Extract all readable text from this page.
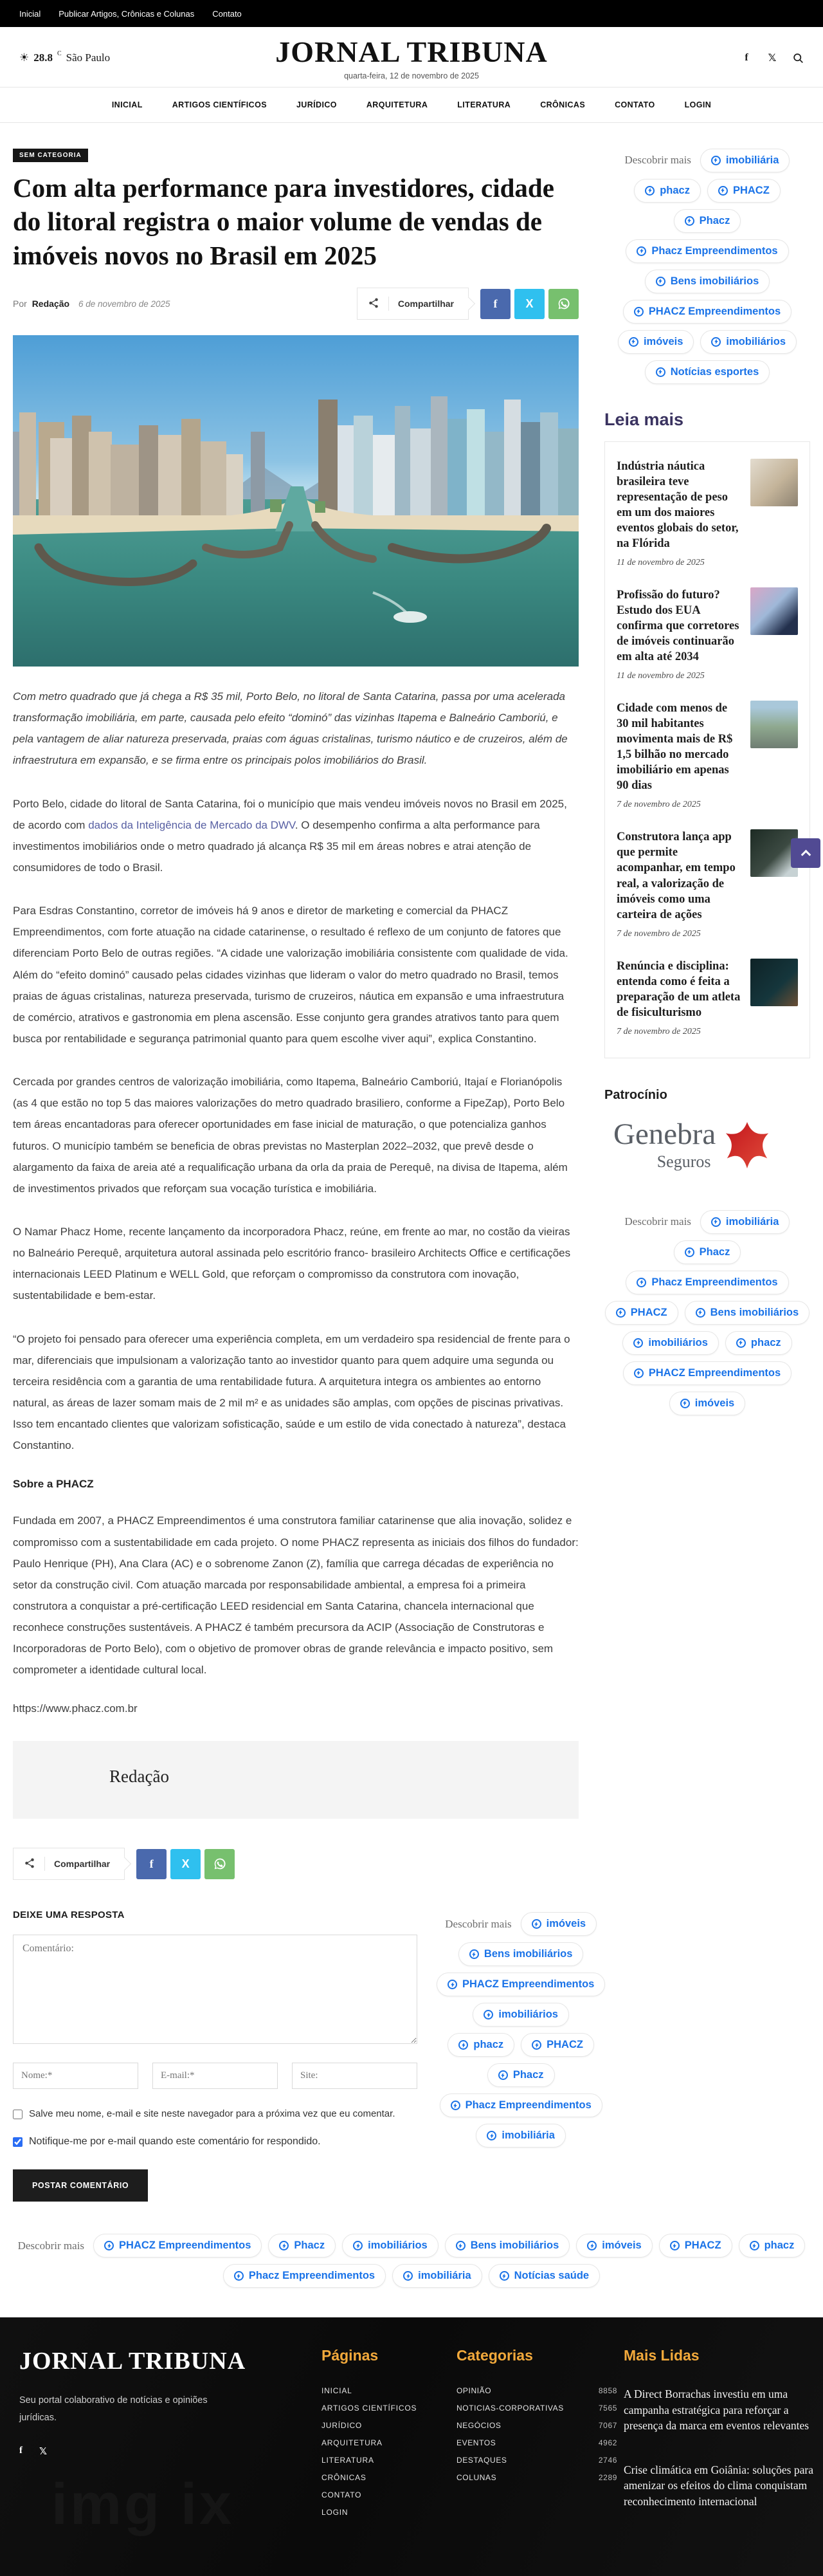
Inicial Publicar Artigos, Crônicas e Colunas Contato
☀ 28.8 C São Paulo	JORNAL TRIBUNA
quarta-feira, 12 de novembro de 2025
f	𝕏
INICIAL	ARTIGOS CIENTÍFICOS	JURÍDICO	ARQUITETURA	LITERATURA	CRÔNICAS	CONTATO	LOGIN
SEM CATEGORIA
Com alta performance para investidores, cidade do litoral registra o maior volume de vendas de imóveis novos no Brasil em 2025
Por Redação 6 de novembro de 2025	Compartilhar	f	X

Com metro quadrado que já chega a R$ 35 mil, Porto Belo, no litoral de Santa Catarina, passa por uma acelerada transformação imobiliária, em parte, causada pelo efeito “dominó” das vizinhas Itapema e Balneário Camboriú, e pela vantagem de aliar natureza preservada, praias com águas cristalinas, turismo náutico e de cruzeiros, além de infraestrutura em expansão, e se firma entre os principais polos imobiliários do Brasil.

Porto Belo, cidade do litoral de Santa Catarina, foi o município que mais vendeu imóveis novos no Brasil em 2025, de acordo com dados da Inteligência de Mercado da DWV. O desempenho confirma a alta performance para investimentos imobiliários onde o metro quadrado já alcança R$ 35 mil em áreas nobres e atrai atenção de consumidores de todo o Brasil.

Para Esdras Constantino, corretor de imóveis há 9 anos e diretor de marketing e comercial da PHACZ Empreendimentos, com forte atuação na cidade catarinense, o resultado é reflexo de um conjunto de fatores que diferenciam Porto Belo de outras regiões. “A cidade une valorização imobiliária consistente com qualidade de vida. Além do “efeito dominó” causado pelas cidades vizinhas que lideram o valor do metro quadrado no Brasil, temos praias de águas cristalinas, natureza preservada, turismo de cruzeiros, náutica em expansão e uma infraestrutura de comércio, atrativos e gastronomia em plena ascensão. Esse conjunto gera grandes atrativos tanto para quem busca por rentabilidade e segurança patrimonial quanto para quem escolhe viver aqui”, explica Constantino.

Cercada por grandes centros de valorização imobiliária, como Itapema, Balneário Camboriú, Itajaí e Florianópolis (as 4 que estão no top 5 das maiores valorizações do metro quadrado brasiliero, conforme a FipeZap), Porto Belo tem áreas encantadoras para oferecer oportunidades em fase inicial de maturação, o que potencializa ganhos futuros. O município também se beneficia de obras previstas no Masterplan 2022–2032, que prevê desde o alargamento da faixa de areia até a requalificação urbana da orla da praia de Perequê, na divisa de Itapema, além de investimentos privados que reforçam sua vocação turística e imobiliária.

O Namar Phacz Home, recente lançamento da incorporadora Phacz, reúne, em frente ao mar, no costão da vieiras no Balneário Perequê, arquitetura autoral assinada pelo escritório franco- brasileiro Architects Office e certificações internacionais LEED Platinum e WELL Gold, que reforçam o compromisso da construtora com inovação, sustentabilidade e bem-estar.

“O projeto foi pensado para oferecer uma experiência completa, em um verdadeiro spa residencial de frente para o mar, diferenciais que impulsionam a valorização tanto ao investidor quanto para quem adquire uma segunda ou terceira residência com a garantia de uma rentabilidade futura. A arquitetura integra os ambientes ao entorno natural, as áreas de lazer somam mais de 2 mil m² e as unidades são amplas, com opções de piscinas privativas. Isso tem encantado clientes que valorizam sofisticação, saúde e um estilo de vida conectado à natureza”, destaca Constantino.

Sobre a PHACZ

Fundada em 2007, a PHACZ Empreendimentos é uma construtora familiar catarinense que alia inovação, solidez e compromisso com a sustentabilidade em cada projeto. O nome PHACZ representa as iniciais dos filhos do fundador: Paulo Henrique (PH), Ana Clara (AC) e o sobrenome Zanon (Z), família que carrega décadas de experiência no setor da construção civil. Com atuação marcada por responsabilidade ambiental, a empresa foi a primeira construtora a conquistar a pré-certificação LEED residencial em Santa Catarina, chancela internacional que reconhece construções sustentáveis. A PHACZ é também precursora da ACIP (Associação de Construtoras e Incorporadoras de Porto Belo), com o objetivo de promover obras de grande relevância e impacto positivo, sem comprometer a identidade cultural local.

https://www.phacz.com.br
Redação
Compartilhar	f	X
DEIXE UMA RESPOSTA
Comentário:
Nome:*
E-mail:*
Site:
Salve meu nome, e-mail e site neste navegador para a próxima vez que eu comentar.
Notifique-me por e-mail quando este comentário for respondido.
POSTAR COMENTÁRIO
Descobrir mais	imóveis
Bens imobiliários
PHACZ Empreendimentos
imobiliários
phacz	PHACZ
Phacz
Phacz Empreendimentos
imobiliária
Descobrir mais	imobiliária
phacz	PHACZ
Phacz
Phacz Empreendimentos
Bens imobiliários
PHACZ Empreendimentos
imóveis	imobiliários
Notícias esportes
Leia mais
Indústria náutica brasileira teve representação de peso em um dos maiores eventos globais do setor, na Flórida
11 de novembro de 2025
Profissão do futuro? Estudo dos EUA confirma que corretores de imóveis continuarão em alta até 2034
11 de novembro de 2025
Cidade com menos de 30 mil habitantes movimenta mais de R$ 1,5 bilhão no mercado imobiliário em apenas 90 dias
7 de novembro de 2025
Construtora lança app que permite acompanhar, em tempo real, a valorização de imóveis como uma carteira de ações
7 de novembro de 2025
Renúncia e disciplina: entenda como é feita a preparação de um atleta de fisiculturismo
7 de novembro de 2025
Patrocínio
Genebra
Seguros
Descobrir mais	imobiliária
Phacz
Phacz Empreendimentos
PHACZ	Bens imobiliários
imobiliários	phacz
PHACZ Empreendimentos
imóveis
Descobrir mais	PHACZ Empreendimentos	Phacz	imobiliários	Bens imobiliários	imóveis	PHACZ	phacz
Phacz Empreendimentos	imobiliária	Notícias saúde
JORNAL TRIBUNA
Seu portal colaborativo de notícias e opiniões jurídicas.
f 𝕏
Páginas
INICIAL
ARTIGOS CIENTÍFICOS
JURÍDICO
ARQUITETURA
LITERATURA
CRÔNICAS
CONTATO
LOGIN
Categorias
OPINIÃO	8858
NOTICIAS-CORPORATIVAS	7565
NEGÓCIOS	7067
EVENTOS	4962
DESTAQUES	2746
COLUNAS	2289
Mais Lidas
A Direct Borrachas investiu em uma campanha estratégica para reforçar a presença da marca em eventos relevantes
Crise climática em Goiânia: soluções para amenizar os efeitos do clima conquistam reconhecimento internacional
